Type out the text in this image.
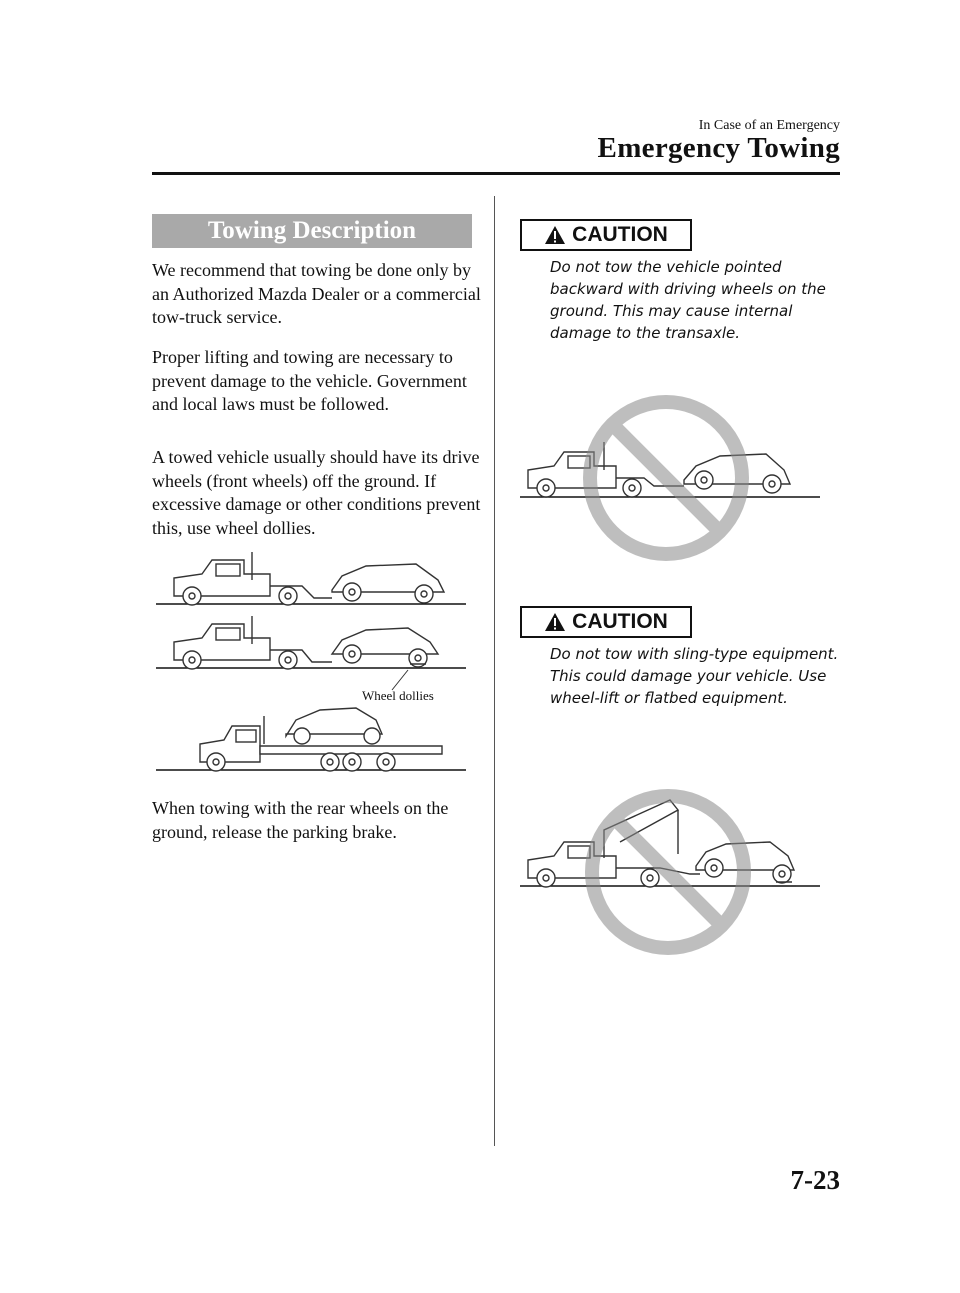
In Case of an Emergency
Emergency Towing
Towing Description
We recommend that towing be done only by an Authorized Mazda Dealer or a commercial tow-truck service.
Proper lifting and towing are necessary to prevent damage to the vehicle. Government and local laws must be followed.
A towed vehicle usually should have its drive wheels (front wheels) off the ground. If excessive damage or other conditions prevent this, use wheel dollies.
Wheel dollies
When towing with the rear wheels on the ground, release the parking brake.
CAUTION
Do not tow the vehicle pointed backward with driving wheels on the ground. This may cause internal damage to the transaxle.
CAUTION
Do not tow with sling-type equipment. This could damage your vehicle. Use wheel-lift or flatbed equipment.
7-23
